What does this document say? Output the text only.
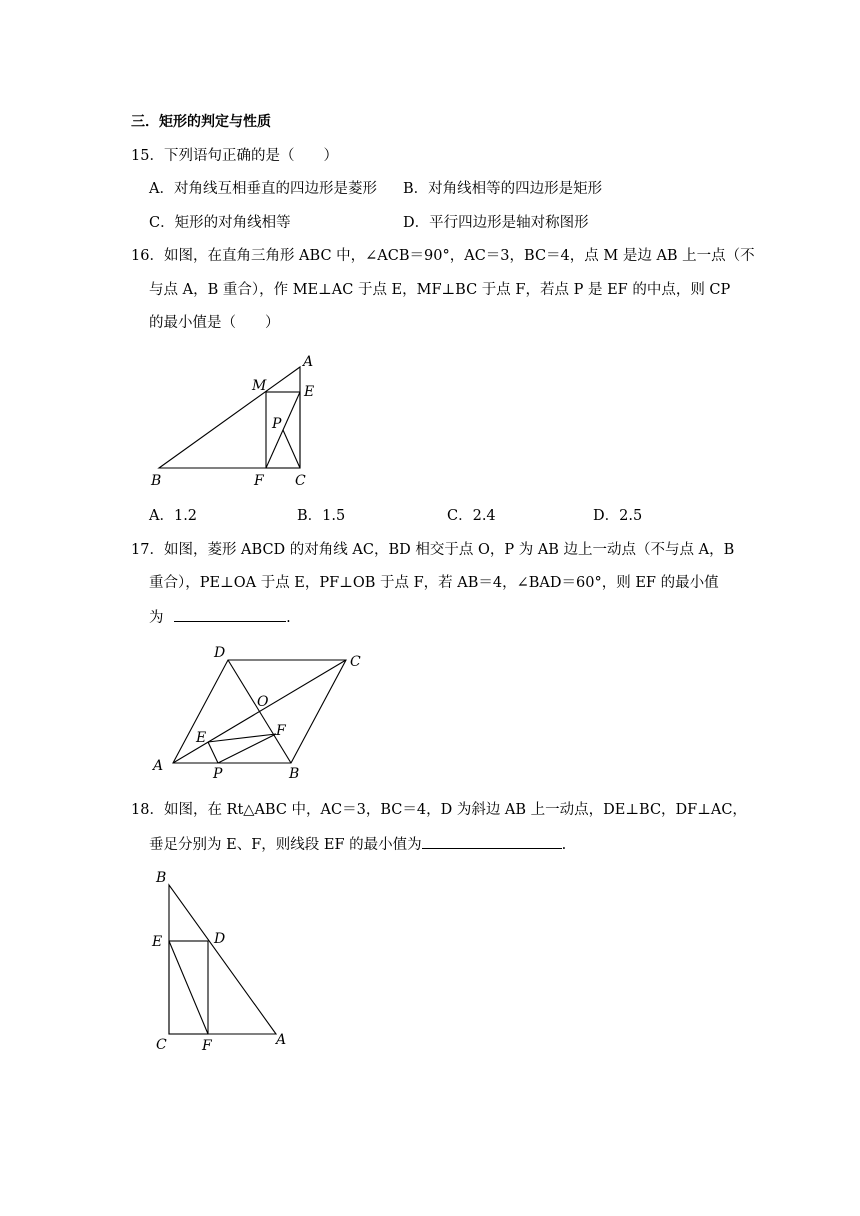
三．矩形的判定与性质
15．下列语句正确的是（　　）
A．对角线互相垂直的四边形是菱形 B．对角线相等的四边形是矩形
C．矩形的对角线相等	D．平行四边形是轴对称图形
16．如图，在直角三角形 ABC 中，∠ACB＝90°，AC＝3，BC＝4，点 M 是边 AB 上一点（不
与点 A，B 重合），作 ME⊥AC 于点 E，MF⊥BC 于点 F，若点 P 是 EF 的中点，则 CP
的最小值是（　　）
A
M	E
P
B	F C
A．1.2	B．1.5	C．2.4	D．2.5
17．如图，菱形 ABCD 的对角线 AC，BD 相交于点 O，P 为 AB 边上一动点（不与点 A，B
重合），PE⊥OA 于点 E，PF⊥OB 于点 F，若 AB＝4，∠BAD＝60°，则 EF 的最小值
为	.
D
C
O
E	F
A	P	B
18．如图，在 Rt△ABC 中，AC＝3，BC＝4，D 为斜边 AB 上一动点，DE⊥BC，DF⊥AC，
垂足分别为 E、F，则线段 EF 的最小值为	.
B
E	D
C	F	A
